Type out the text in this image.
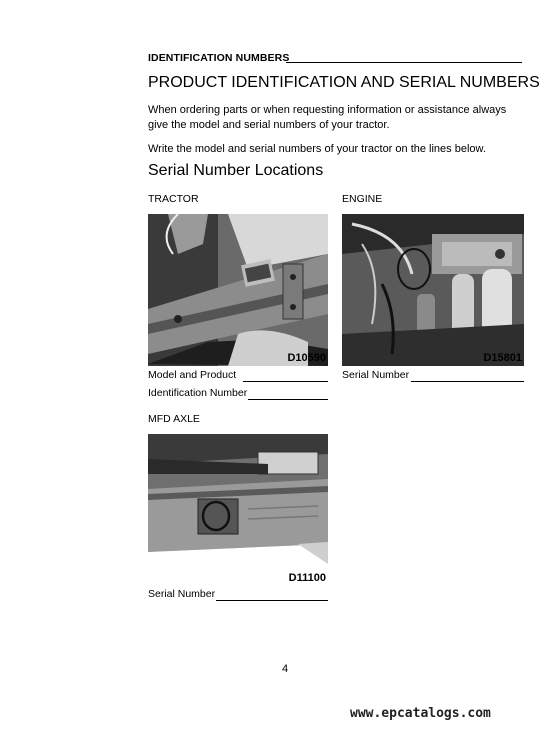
IDENTIFICATION NUMBERS
PRODUCT IDENTIFICATION AND SERIAL NUMBERS
When ordering parts or when requesting information or assistance always give the model and serial numbers of your tractor.
Write the model and serial numbers of your tractor on the lines below.
Serial Number Locations
TRACTOR
D10590
Model and Product
Identification Number
ENGINE
D15801
Serial Number
MFD AXLE
D11100
Serial Number
4
www.epcatalogs.com
